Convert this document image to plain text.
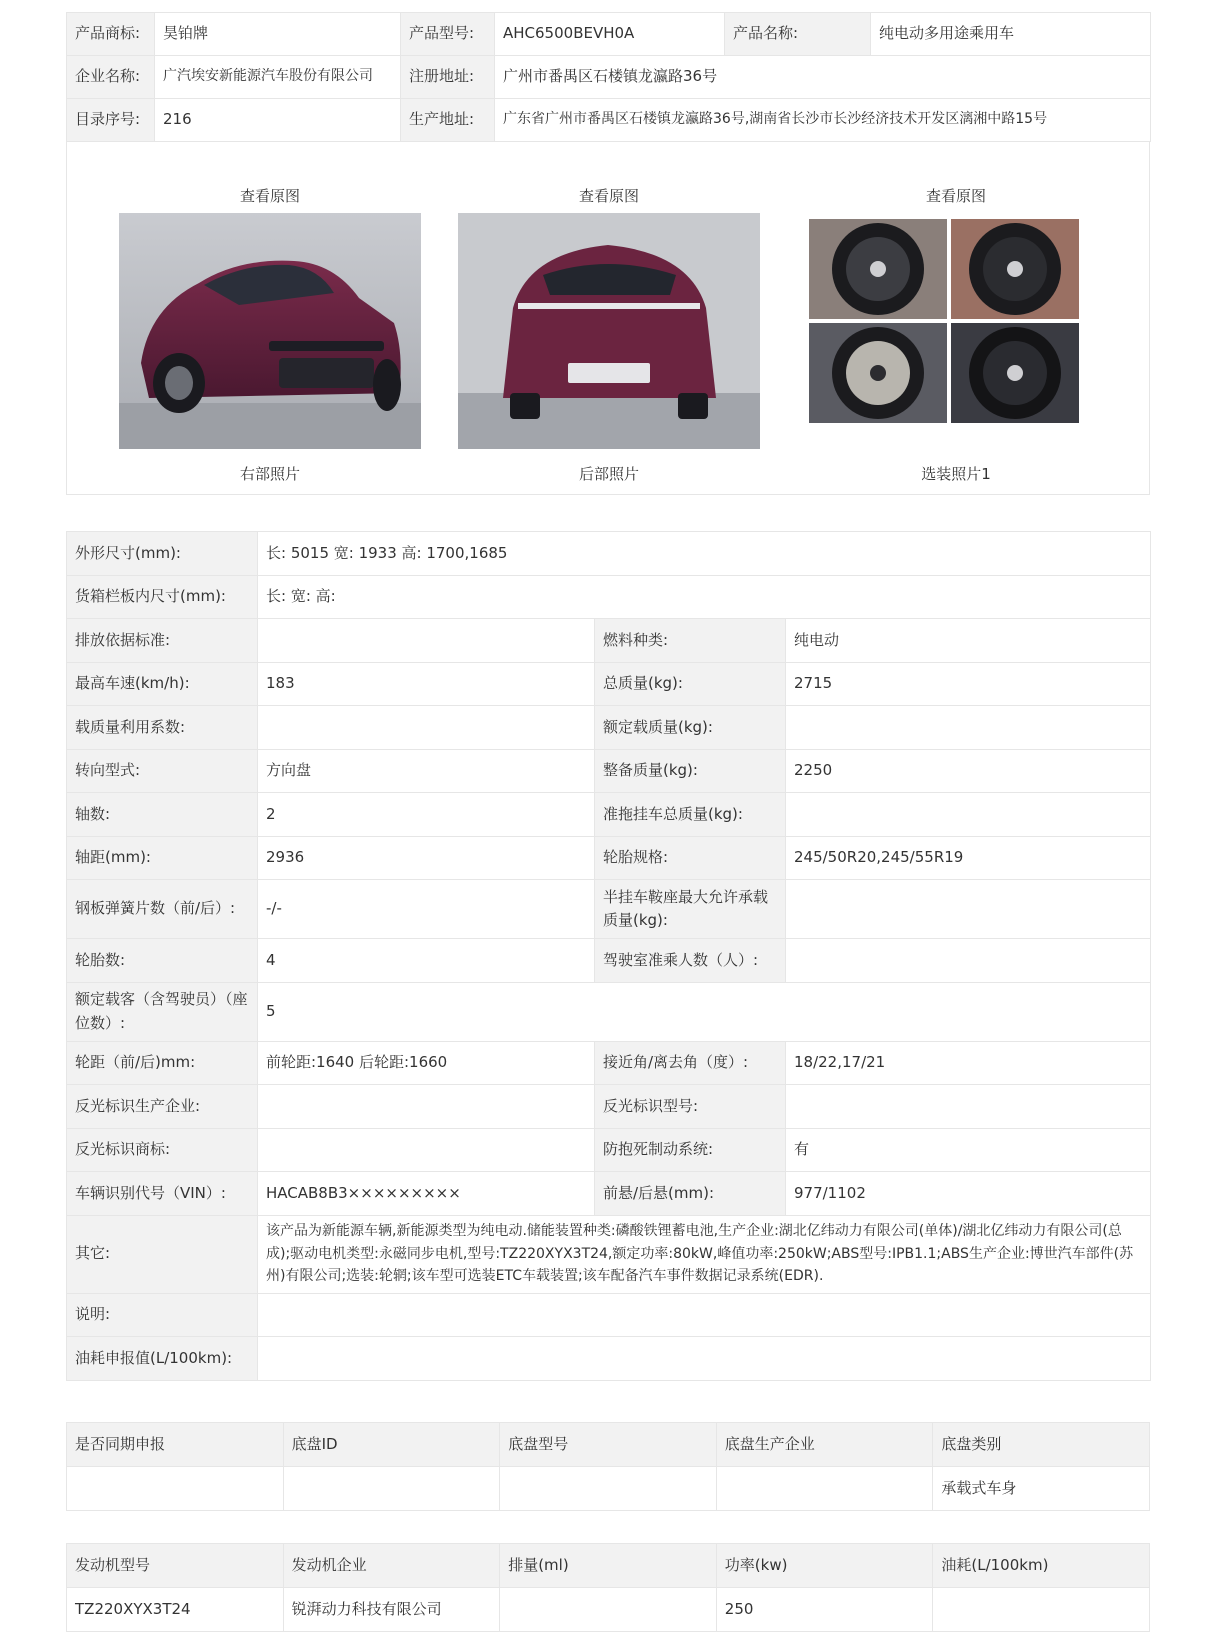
产品商标:	昊铂牌	产品型号:	AHC6500BEVH0A	产品名称:	纯电动多用途乘用车
企业名称:	广汽埃安新能源汽车股份有限公司	注册地址:	广州市番禺区石楼镇龙瀛路36号		
目录序号:	216	生产地址:	广东省广州市番禺区石楼镇龙瀛路36号,湖南省长沙市长沙经济技术开发区漓湘中路15号		
查看原图
右部照片
查看原图
后部照片
查看原图
选装照片1
外形尺寸(mm):	长: 5015 宽: 1933 高: 1700,1685		
货箱栏板内尺寸(mm):	长: 宽: 高:		
排放依据标准:		燃料种类:	纯电动
最高车速(km/h):	183	总质量(kg):	2715
载质量利用系数:		额定载质量(kg):	
转向型式:	方向盘	整备质量(kg):	2250
轴数:	2	准拖挂车总质量(kg):	
轴距(mm):	2936	轮胎规格:	245/50R20,245/55R19
钢板弹簧片数（前/后）:	-/-	半挂车鞍座最大允许承载质量(kg):	
轮胎数:	4	驾驶室准乘人数（人）:	
额定载客（含驾驶员）（座位数）:	5		
轮距（前/后)mm:	前轮距:1640 后轮距:1660	接近角/离去角（度）:	18/22,17/21
反光标识生产企业:		反光标识型号:	
反光标识商标:		防抱死制动系统:	有
车辆识别代号（VIN）:	HACAB8B3×××××××××	前悬/后悬(mm):	977/1102
其它:	该产品为新能源车辆,新能源类型为纯电动.储能装置种类:磷酸铁锂蓄电池,生产企业:湖北亿纬动力有限公司(单体)/湖北亿纬动力有限公司(总成);驱动电机类型:永磁同步电机,型号:TZ220XYX3T24,额定功率:80kW,峰值功率:250kW;ABS型号:IPB1.1;ABS生产企业:博世汽车部件(苏州)有限公司;选装:轮辋;该车型可选装ETC车载装置;该车配备汽车事件数据记录系统(EDR).		
说明:			
油耗申报值(L/100km):			
是否同期申报	底盘ID	底盘型号	底盘生产企业	底盘类别
				承载式车身
发动机型号	发动机企业	排量(ml)	功率(kw)	油耗(L/100km)
TZ220XYX3T24	锐湃动力科技有限公司		250	
